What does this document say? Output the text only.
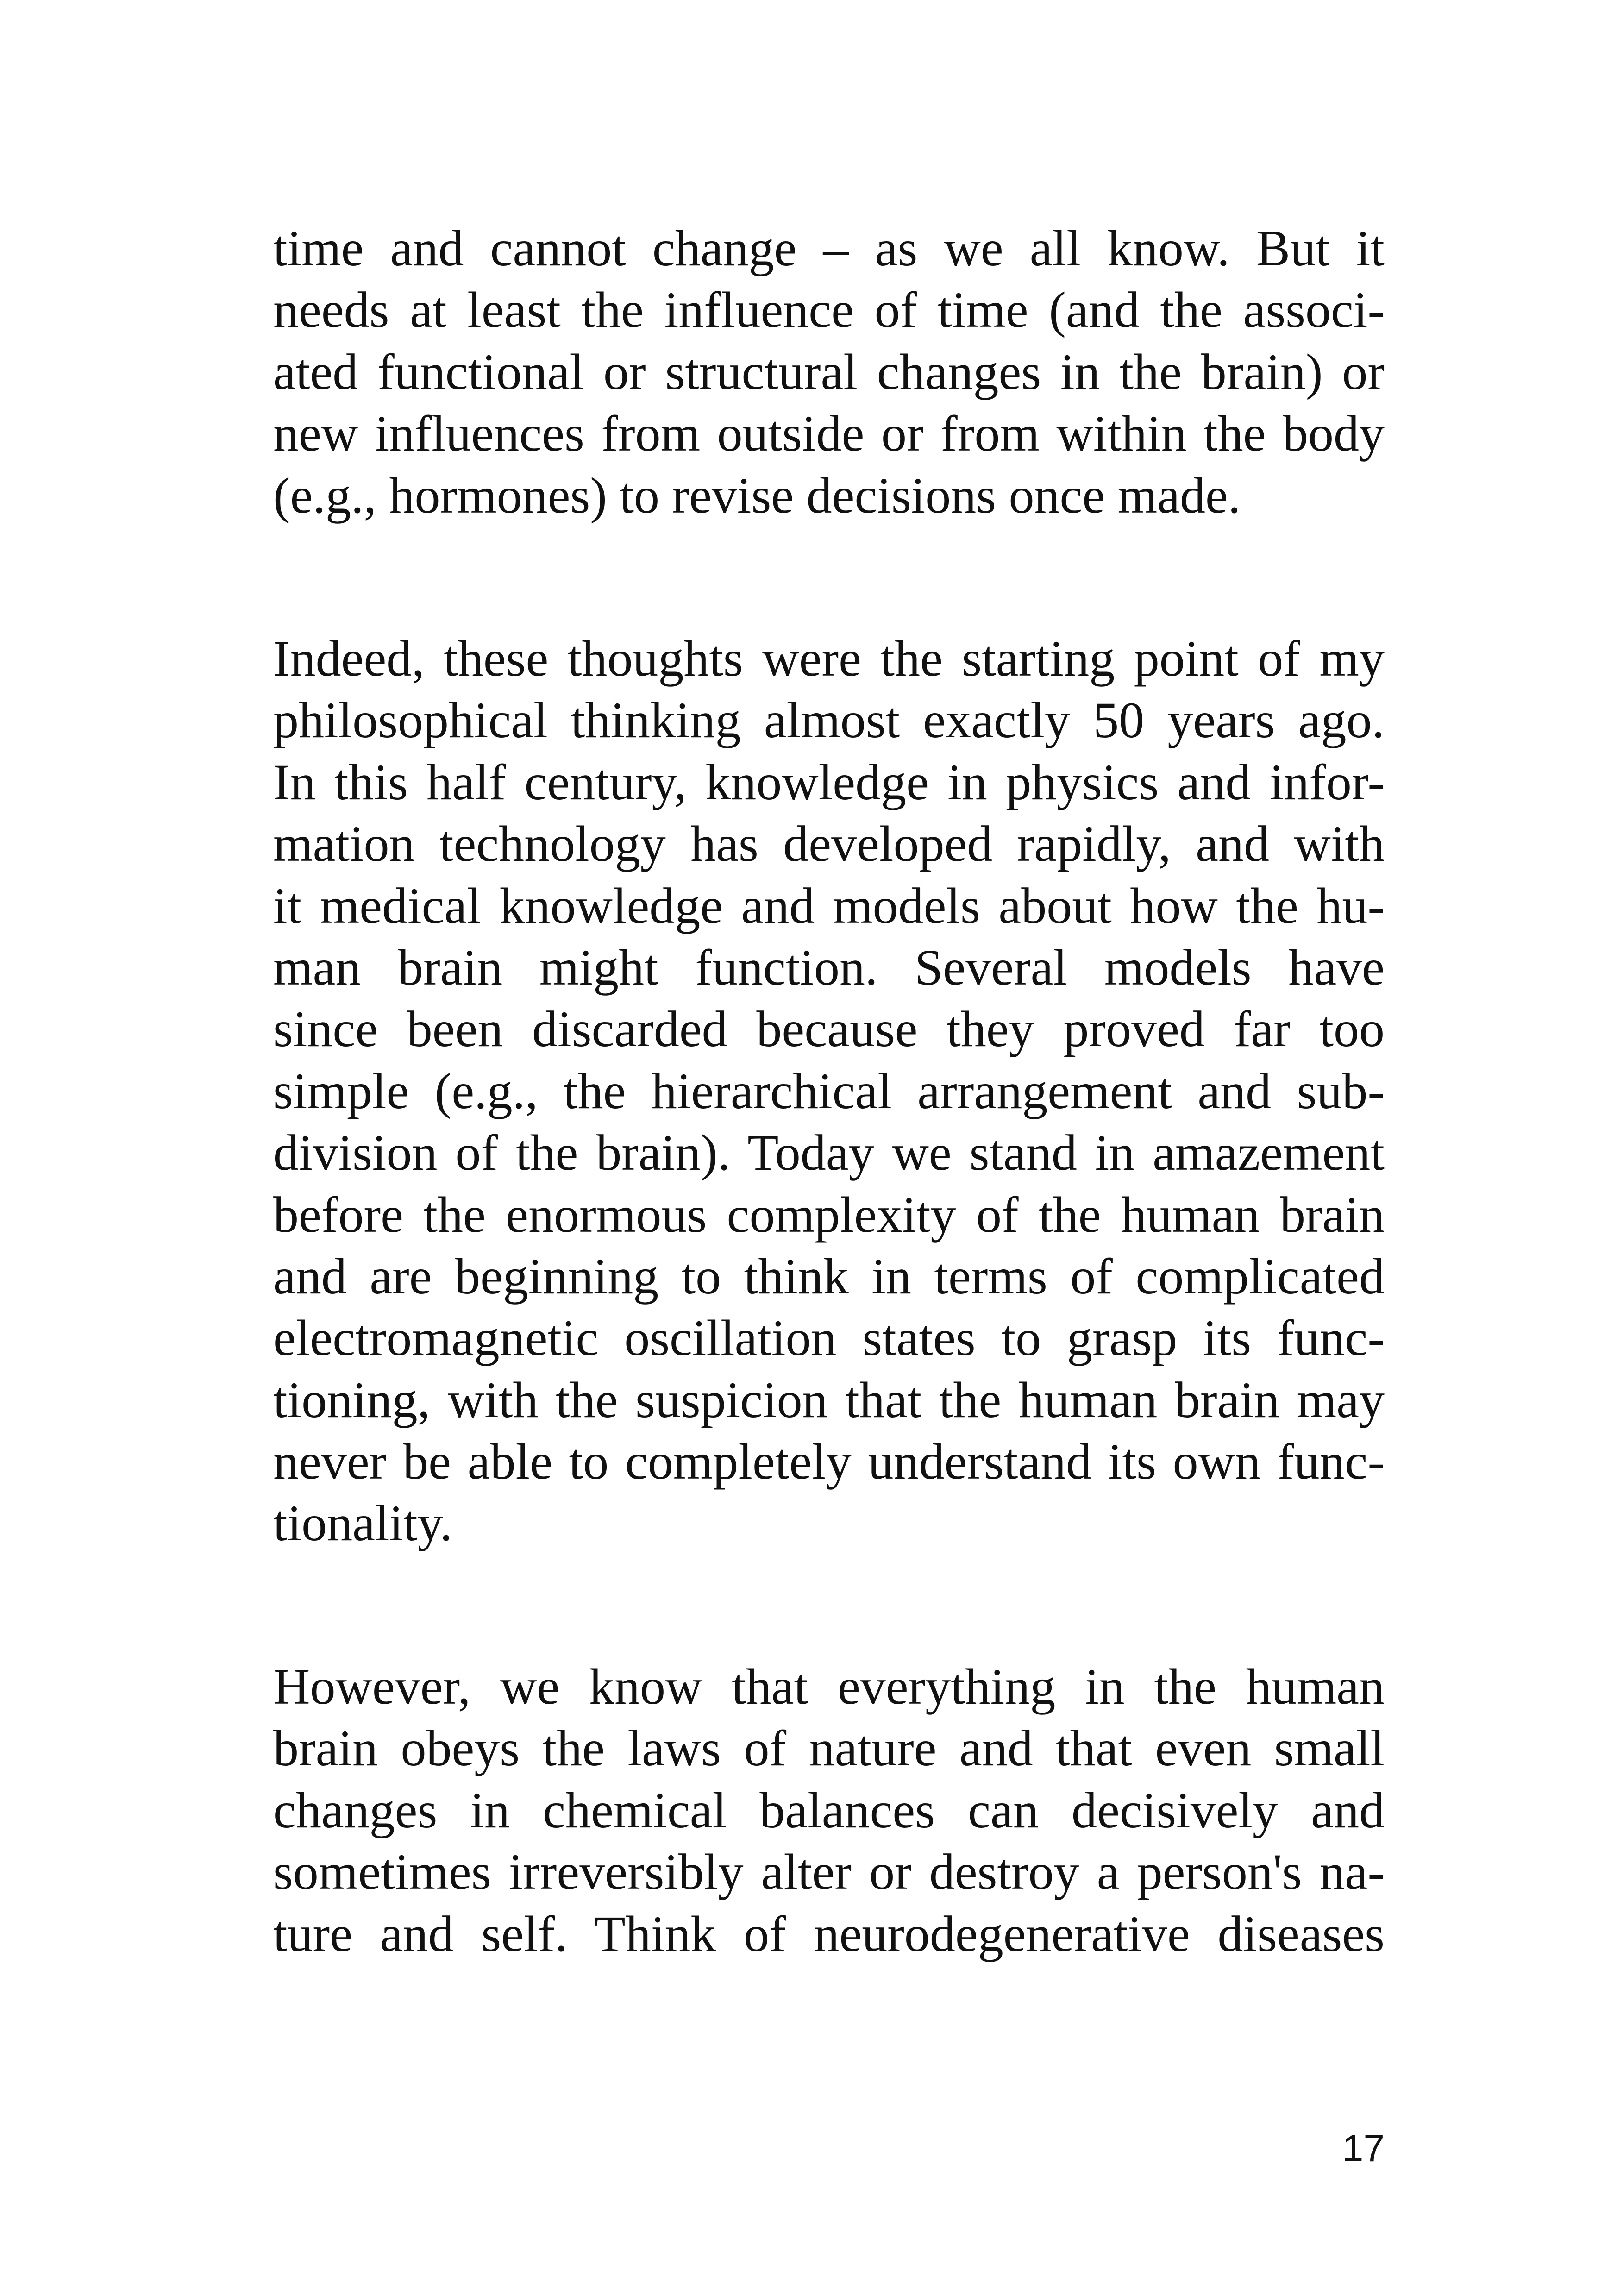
time and cannot change – as we all know. But it
needs at least the influence of time (and the associ-
ated functional or structural changes in the brain) or
new influences from outside or from within the body
(e.g., hormones) to revise decisions once made.
Indeed, these thoughts were the starting point of my
philosophical thinking almost exactly 50 years ago.
In this half century, knowledge in physics and infor-
mation technology has developed rapidly, and with
it medical knowledge and models about how the hu-
man brain might function. Several models have
since been discarded because they proved far too
simple (e.g., the hierarchical arrangement and sub-
division of the brain). Today we stand in amazement
before the enormous complexity of the human brain
and are beginning to think in terms of complicated
electromagnetic oscillation states to grasp its func-
tioning, with the suspicion that the human brain may
never be able to completely understand its own func-
tionality.
However, we know that everything in the human
brain obeys the laws of nature and that even small
changes in chemical balances can decisively and
sometimes irreversibly alter or destroy a person's na-
ture and self. Think of neurodegenerative diseases
17
